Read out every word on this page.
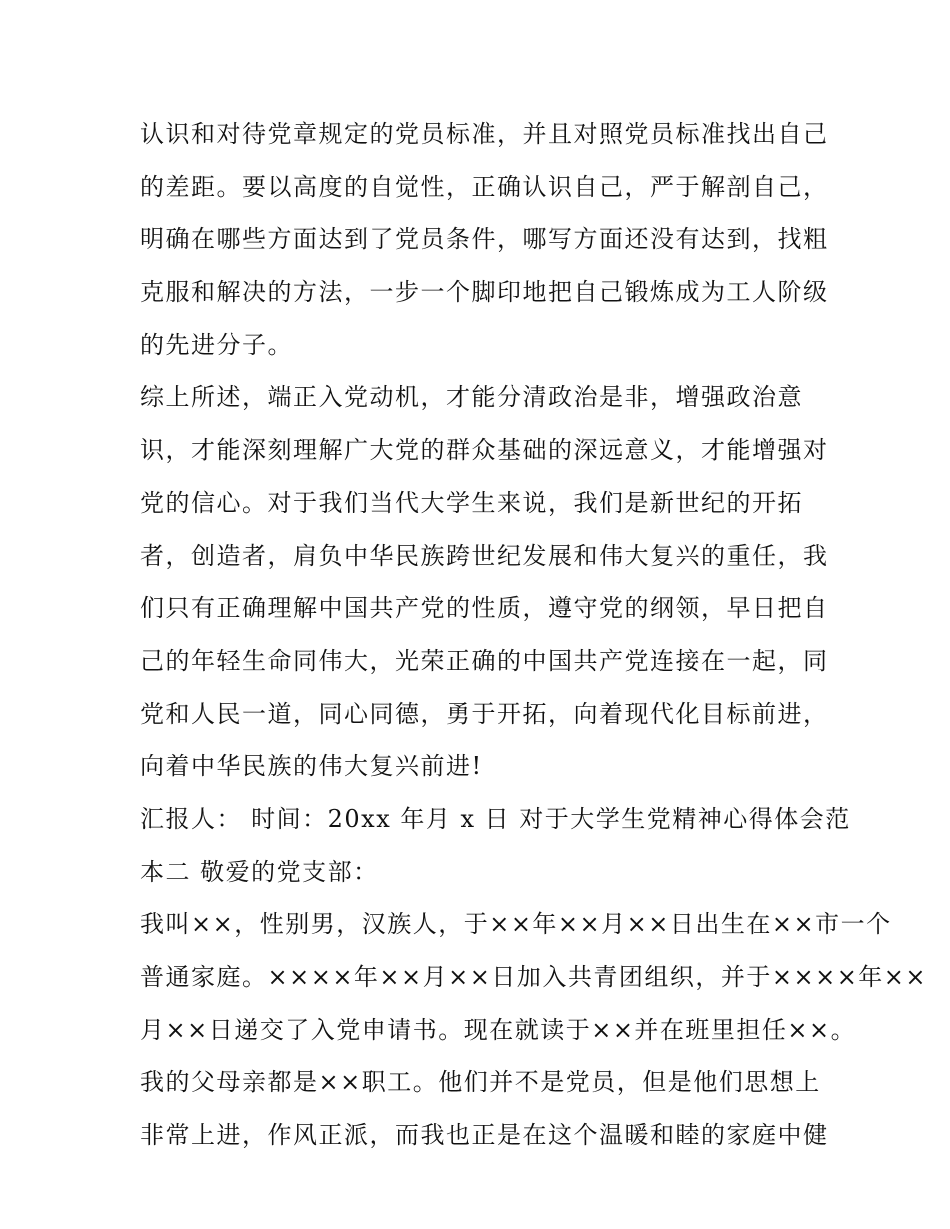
认识和对待党章规定的党员标准，并且对照党员标准找出自己
的差距。要以高度的自觉性，正确认识自己，严于解剖自己，
明确在哪些方面达到了党员条件，哪写方面还没有达到，找粗
克服和解决的方法，一步一个脚印地把自己锻炼成为工人阶级
的先进分子。
综上所述，端正入党动机，才能分清政治是非，增强政治意
识，才能深刻理解广大党的群众基础的深远意义，才能增强对
党的信心。对于我们当代大学生来说，我们是新世纪的开拓
者，创造者，肩负中华民族跨世纪发展和伟大复兴的重任，我
们只有正确理解中国共产党的性质，遵守党的纲领，早日把自
己的年轻生命同伟大，光荣正确的中国共产党连接在一起，同
党和人民一道，同心同德，勇于开拓，向着现代化目标前进，
向着中华民族的伟大复兴前进!
汇报人： 时间：20xx 年月 x 日 对于大学生党精神心得体会范
本二 敬爱的党支部：
我叫××，性别男，汉族人，于××年××月××日出生在××市一个
普通家庭。××××年××月××日加入共青团组织，并于××××年××
月××日递交了入党申请书。现在就读于××并在班里担任××。
我的父母亲都是××职工。他们并不是党员，但是他们思想上
非常上进，作风正派，而我也正是在这个温暖和睦的家庭中健
